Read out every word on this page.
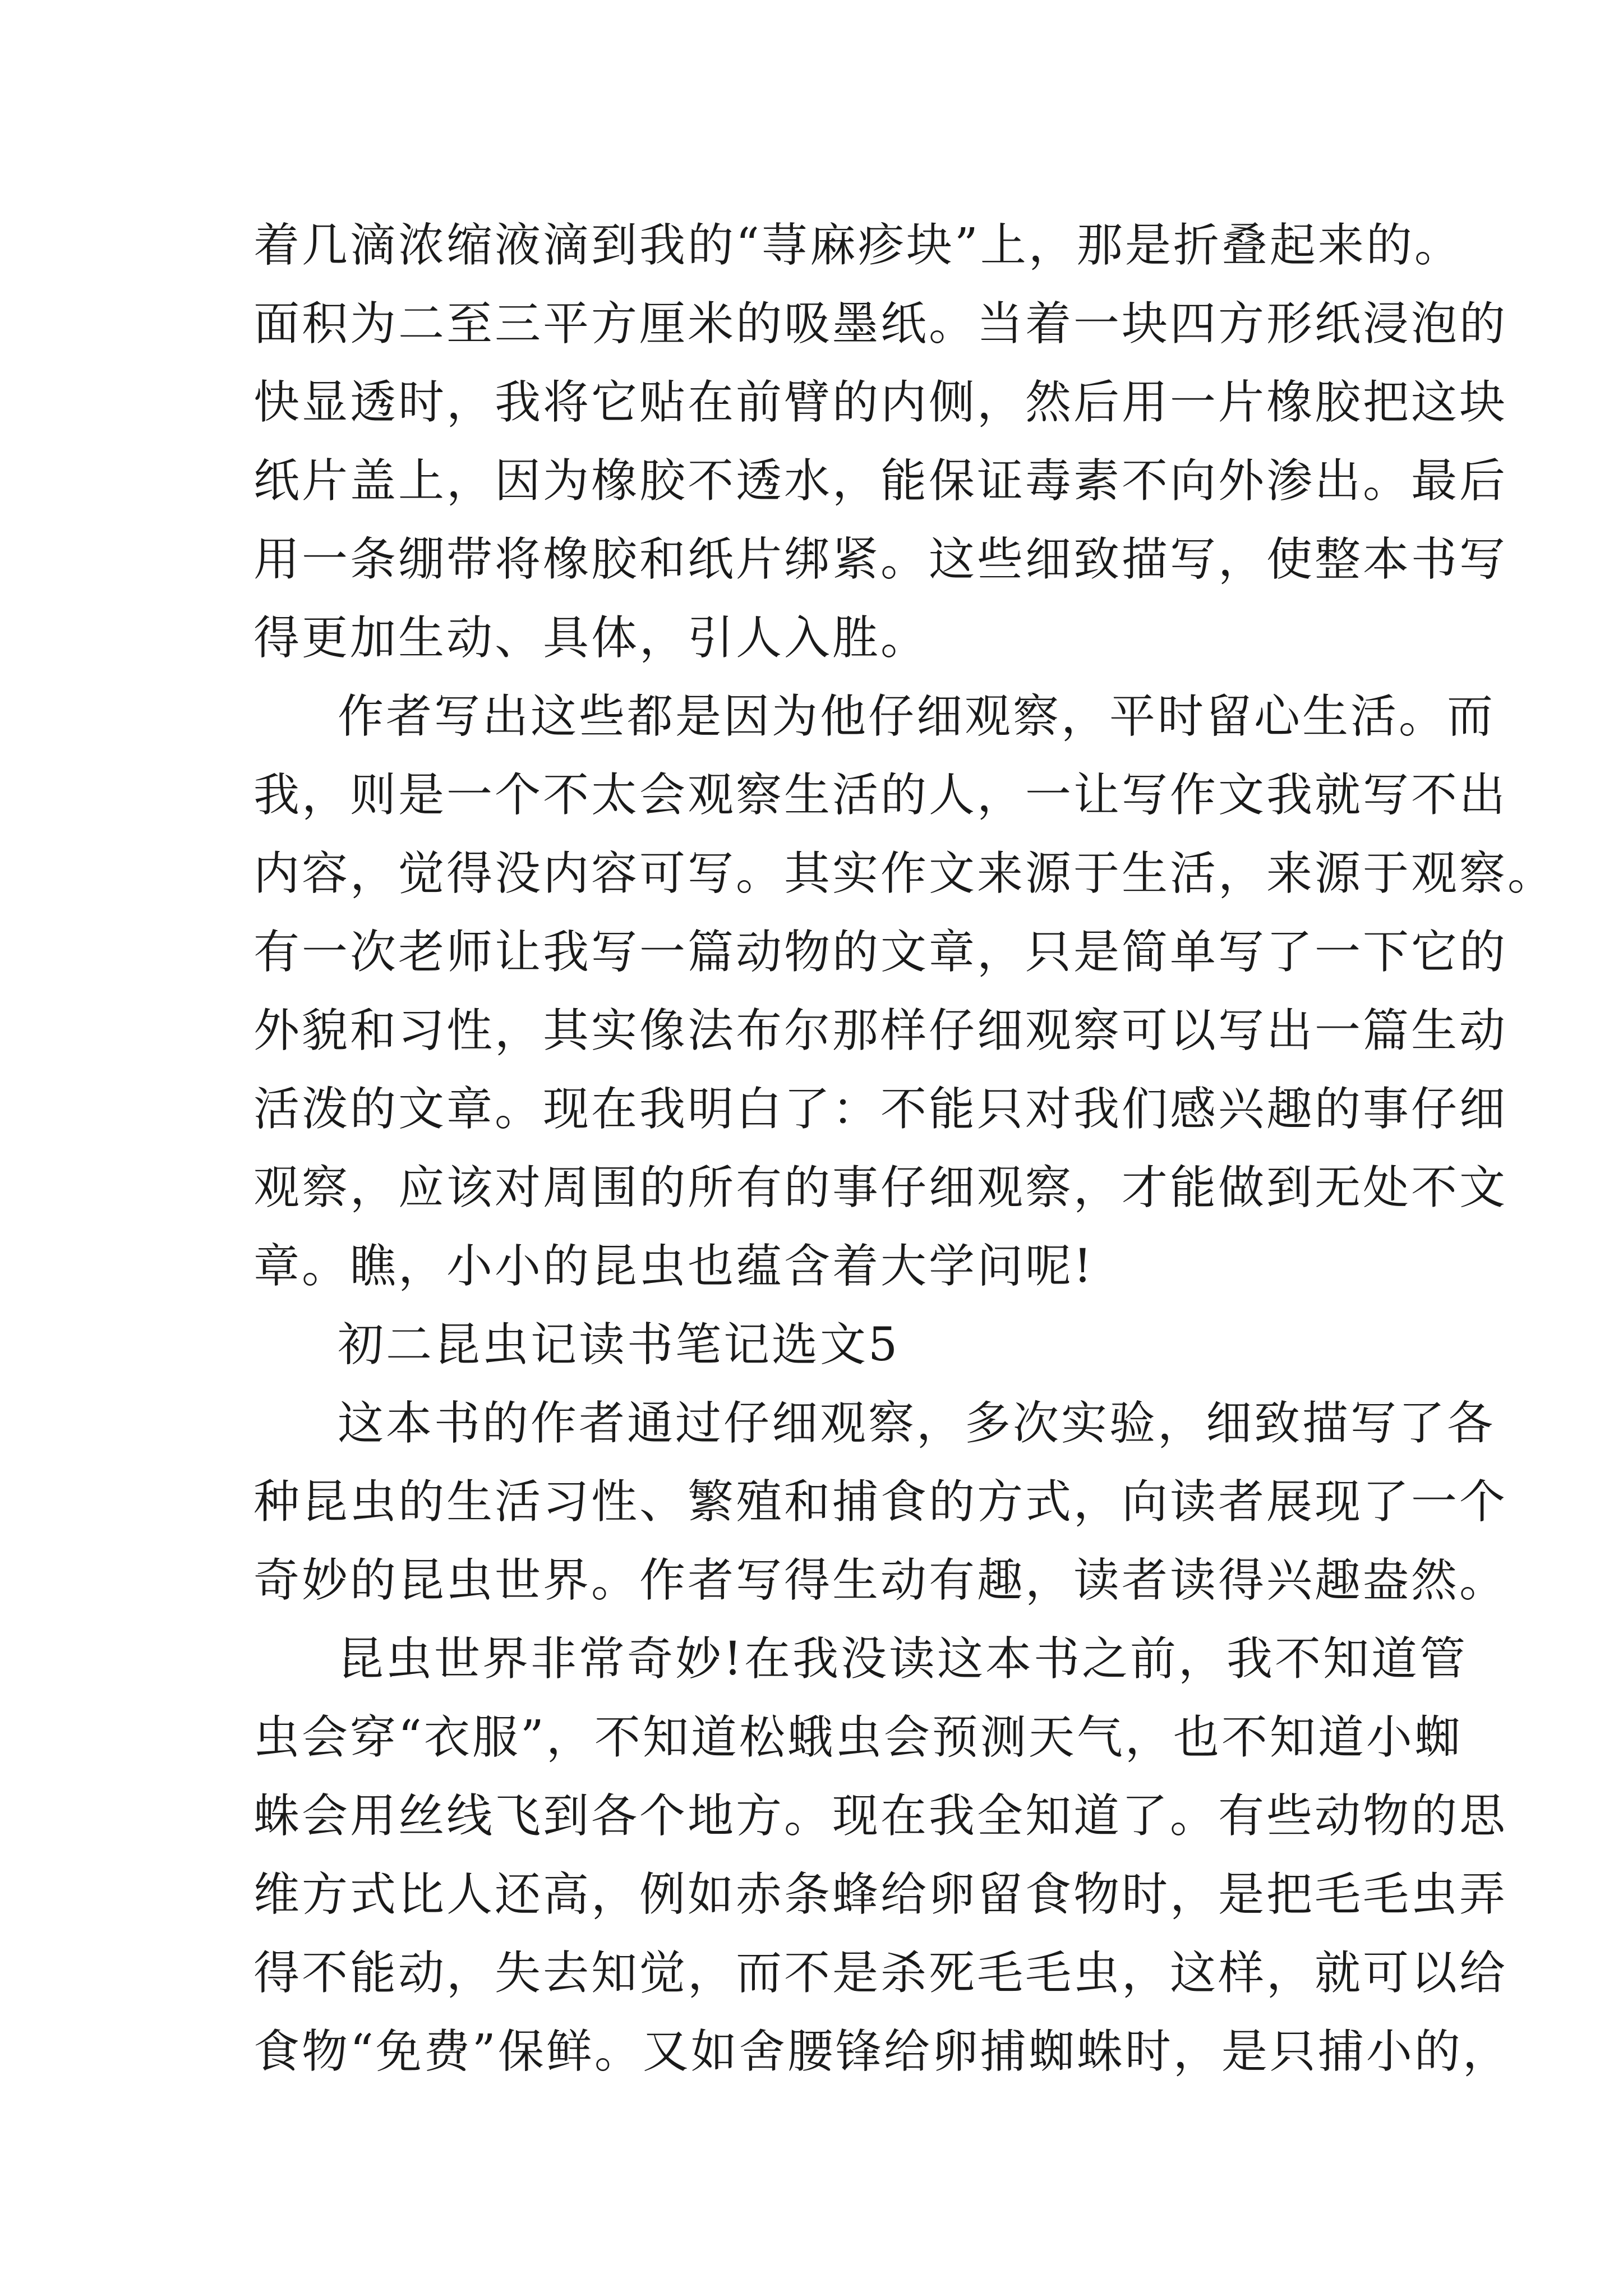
着几滴浓缩液滴到我的“荨麻疹块”上，那是折叠起来的。
面积为二至三平方厘米的吸墨纸。当着一块四方形纸浸泡的
快显透时，我将它贴在前臂的内侧，然后用一片橡胶把这块
纸片盖上，因为橡胶不透水，能保证毒素不向外渗出。最后
用一条绷带将橡胶和纸片绑紧。这些细致描写，使整本书写
得更加生动、具体，引人入胜。
作者写出这些都是因为他仔细观察，平时留心生活。而
我，则是一个不太会观察生活的人，一让写作文我就写不出
内容，觉得没内容可写。其实作文来源于生活，来源于观察。
有一次老师让我写一篇动物的文章，只是简单写了一下它的
外貌和习性，其实像法布尔那样仔细观察可以写出一篇生动
活泼的文章。现在我明白了：不能只对我们感兴趣的事仔细
观察，应该对周围的所有的事仔细观察，才能做到无处不文
章。瞧，小小的昆虫也蕴含着大学问呢!
初二昆虫记读书笔记选文5
这本书的作者通过仔细观察，多次实验，细致描写了各
种昆虫的生活习性、繁殖和捕食的方式，向读者展现了一个
奇妙的昆虫世界。作者写得生动有趣，读者读得兴趣盎然。
昆虫世界非常奇妙!在我没读这本书之前，我不知道管
虫会穿“衣服”，不知道松蛾虫会预测天气，也不知道小蜘
蛛会用丝线飞到各个地方。现在我全知道了。有些动物的思
维方式比人还高，例如赤条蜂给卵留食物时，是把毛毛虫弄
得不能动，失去知觉，而不是杀死毛毛虫，这样，就可以给
食物“免费”保鲜。又如舍腰锋给卵捕蜘蛛时，是只捕小的，
